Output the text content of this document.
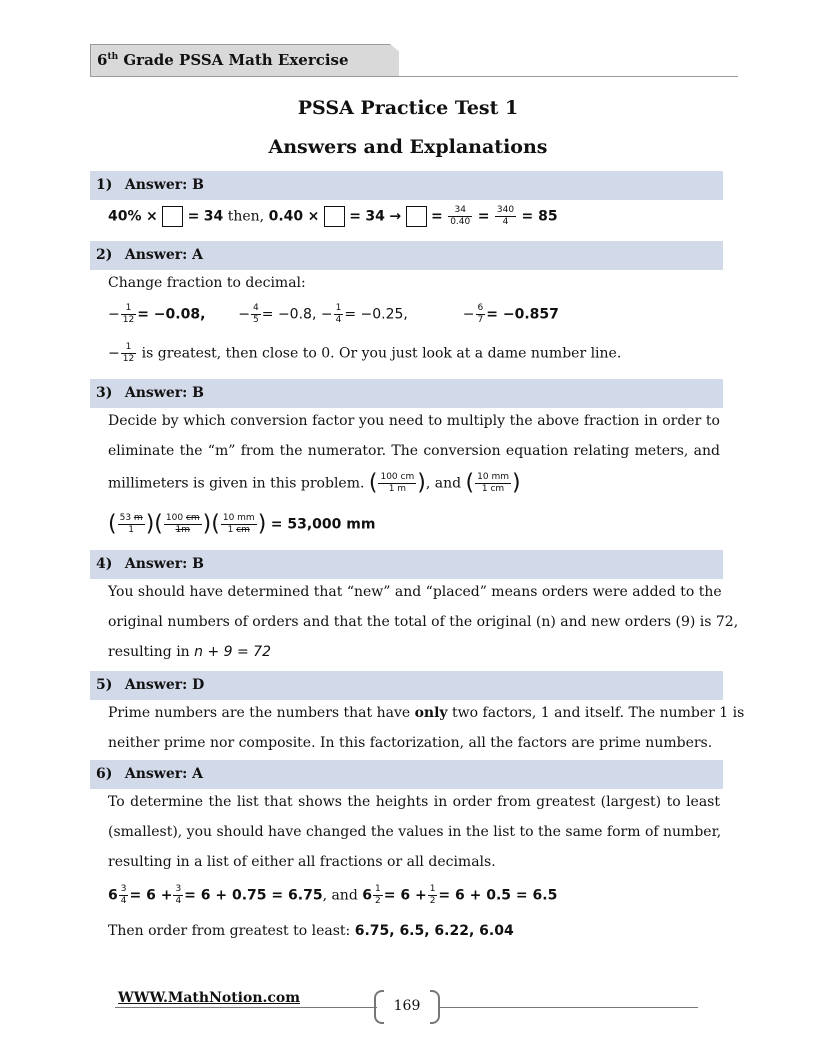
6th Grade PSSA Math Exercise
PSSA Practice Test 1
Answers and Explanations
1) Answer: B
40% × = 34 then, 0.40 × = 34 → = $\frac{34}{0.40} = \frac{340}{4} = 85$
2) Answer: A
Change fraction to decimal:
− $\frac{1}{12} = -0.08$, − $\frac{4}{5} = -0.8$, − $\frac{1}{4} = -0.25$,	− $\frac{6}{7} = -0.857$
− $\frac{1}{12}$ is greatest, then close to 0. Or you just look at a dame number line.
3) Answer: B
Decide by which conversion factor you need to multiply the above fraction in order to
eliminate the “m” from the numerator. The conversion equation relating meters, and
millimeters is given in this problem. ( $\frac{100 cm}{1 m}$ ), and ( $\frac{10 mm}{1 cm}$ )
( $\frac{53 m}{1}$ )( $\frac{100 cm}{1m}$ )( $\frac{10 mm}{1 cm}$ ) = 53,000 mm
4) Answer: B
You should have determined that “new” and “placed” means orders were added to the
original numbers of orders and that the total of the original (n) and new orders (9) is 72,
resulting in n + 9 = 72
5) Answer: D
Prime numbers are the numbers that have only two factors, 1 and itself. The number 1 is
neither prime nor composite. In this factorization, all the factors are prime numbers.
6) Answer: A
To determine the list that shows the heights in order from greatest (largest) to least
(smallest), you should have changed the values in the list to the same form of number,
resulting in a list of either all fractions or all decimals.
$6 \frac{3}{4} = 6 + \frac{3}{4} = 6 + 0.75 = 6.75$, and $6 \frac{1}{2} = 6 + \frac{1}{2} = 6 + 0.5 = 6.5$
Then order from greatest to least: 6.75, 6.5, 6.22, 6.04
WWW.MathNotion.com	169
